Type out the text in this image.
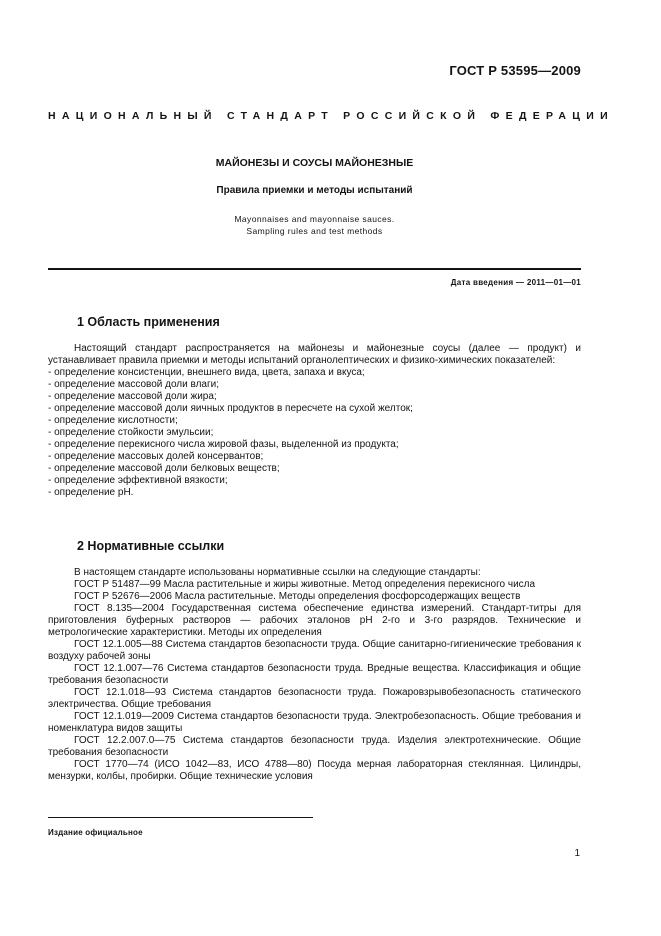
ГОСТ Р 53595—2009
НАЦИОНАЛЬНЫЙ СТАНДАРТ РОССИЙСКОЙ ФЕДЕРАЦИИ
МАЙОНЕЗЫ И СОУСЫ МАЙОНЕЗНЫЕ
Правила приемки и методы испытаний
Mayonnaises and mayonnaise sauces.
Sampling rules and test methods
Дата введения — 2011—01—01
1 Область применения

Настоящий стандарт распространяется на майонезы и майонезные соусы (далее — продукт) и устанавливает правила приемки и методы испытаний органолептических и физико-химических показателей:

- определение консистенции, внешнего вида, цвета, запаха и вкуса;
- определение массовой доли влаги;
- определение массовой доли жира;
- определение массовой доли яичных продуктов в пересчете на сухой желток;
- определение кислотности;
- определение стойкости эмульсии;
- определение перекисного числа жировой фазы, выделенной из продукта;
- определение массовых долей консервантов;
- определение массовой доли белковых веществ;
- определение эффективной вязкости;
- определение pH.
2 Нормативные ссылки

В настоящем стандарте использованы нормативные ссылки на следующие стандарты:

ГОСТ Р 51487—99 Масла растительные и жиры животные. Метод определения перекисного числа

ГОСТ Р 52676—2006 Масла растительные. Методы определения фосфорсодержащих веществ

ГОСТ 8.135—2004 Государственная система обеспечение единства измерений. Стандарт-титры для приготовления буферных растворов — рабочих эталонов pH 2-го и 3-го разрядов. Технические и метрологические характеристики. Методы их определения

ГОСТ 12.1.005—88 Система стандартов безопасности труда. Общие санитарно-гигиенические требования к воздуху рабочей зоны

ГОСТ 12.1.007—76 Система стандартов безопасности труда. Вредные вещества. Классификация и общие требования безопасности

ГОСТ 12.1.018—93 Система стандартов безопасности труда. Пожаровзрывобезопасность статического электричества. Общие требования

ГОСТ 12.1.019—2009 Система стандартов безопасности труда. Электробезопасность. Общие требования и номенклатура видов защиты

ГОСТ 12.2.007.0—75 Система стандартов безопасности труда. Изделия электротехнические. Общие требования безопасности

ГОСТ 1770—74 (ИСО 1042—83, ИСО 4788—80) Посуда мерная лабораторная стеклянная. Цилиндры, мензурки, колбы, пробирки. Общие технические условия

Издание официальное
1
